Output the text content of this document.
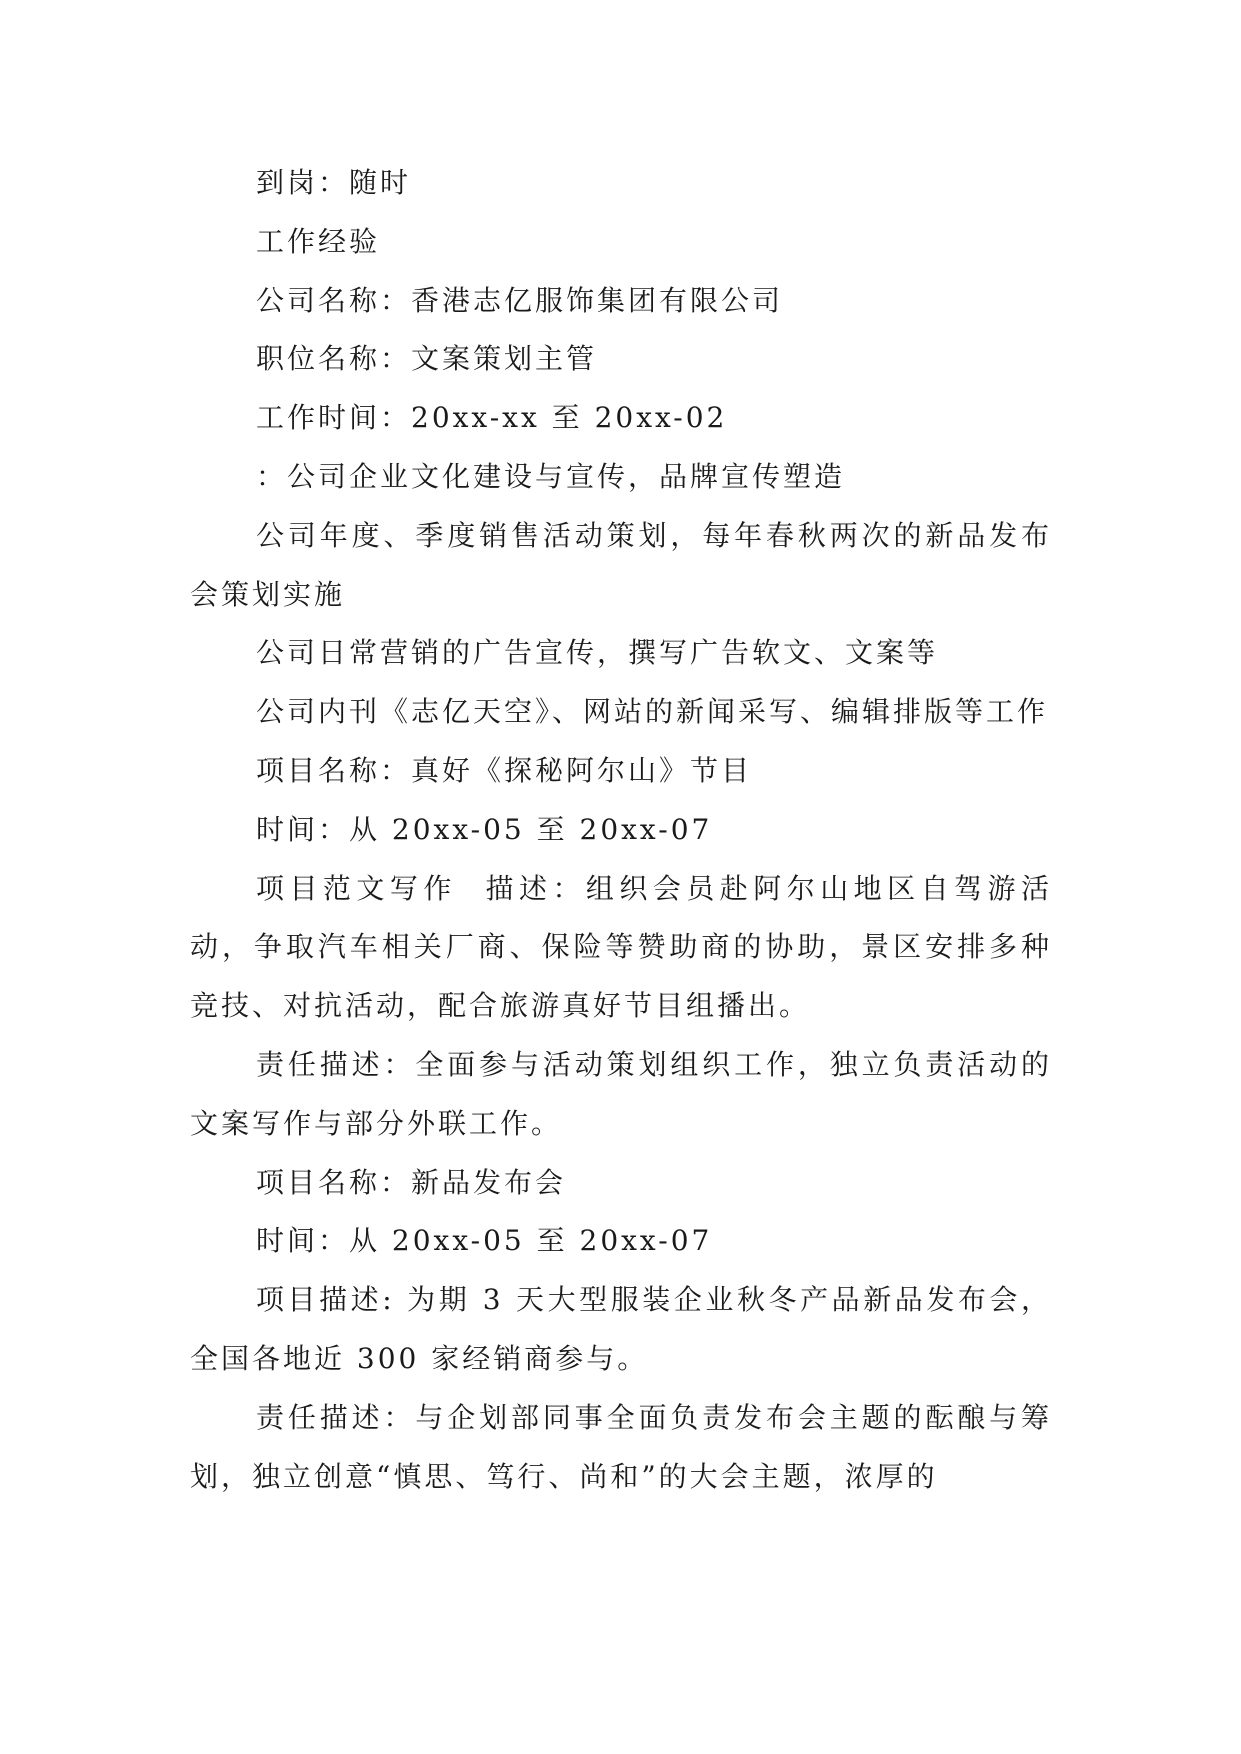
到岗：随时

工作经验

公司名称：香港志亿服饰集团有限公司

职位名称：文案策划主管

工作时间：20xx-xx 至 20xx-02

：公司企业文化建设与宣传，品牌宣传塑造

公司年度、季度销售活动策划，每年春秋两次的新品发布会策划实施

公司日常营销的广告宣传，撰写广告软文、文案等

公司内刊《志亿天空》、网站的新闻采写、编辑排版等工作

项目名称：真好《探秘阿尔山》节目

时间：从 20xx-05 至 20xx-07

项目范文写作  描述：组织会员赴阿尔山地区自驾游活动，争取汽车相关厂商、保险等赞助商的协助，景区安排多种竞技、对抗活动，配合旅游真好节目组播出。

责任描述：全面参与活动策划组织工作，独立负责活动的文案写作与部分外联工作。

项目名称：新品发布会

时间：从 20xx-05 至 20xx-07

项目描述: 为期 3 天大型服装企业秋冬产品新品发布会，全国各地近 300 家经销商参与。

责任描述：与企划部同事全面负责发布会主题的酝酿与筹划，独立创意“慎思、笃行、尚和”的大会主题，浓厚的
